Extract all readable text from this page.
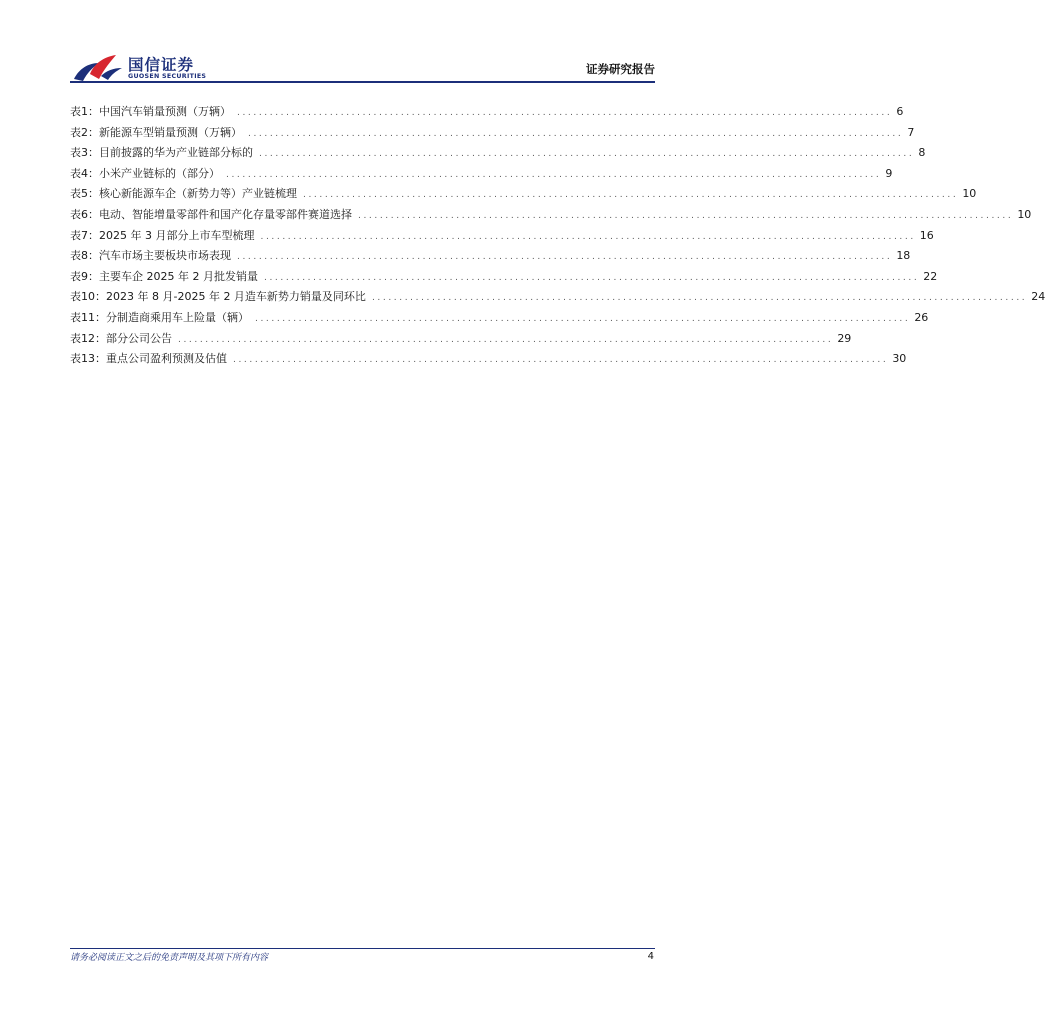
国信证券
GUOSEN SECURITIES
证券研究报告
表1： 中国汽车销量预测（万辆） ........................................................................................................................ 6
表2： 新能源车型销量预测（万辆） ........................................................................................................................ 7
表3： 目前披露的华为产业链部分标的 ........................................................................................................................ 8
表4： 小米产业链标的（部分） ........................................................................................................................ 9
表5： 核心新能源车企（新势力等）产业链梳理 ........................................................................................................................ 10
表6： 电动、智能增量零部件和国产化存量零部件赛道选择 ........................................................................................................................ 10
表7： 2025 年 3 月部分上市车型梳理 ........................................................................................................................ 16
表8： 汽车市场主要板块市场表现 ........................................................................................................................ 18
表9： 主要车企 2025 年 2 月批发销量 ........................................................................................................................ 22
表10： 2023 年 8 月-2025 年 2 月造车新势力销量及同环比 ........................................................................................................................ 24
表11： 分制造商乘用车上险量（辆） ........................................................................................................................ 26
表12： 部分公司公告 ........................................................................................................................ 29
表13： 重点公司盈利预测及估值 ........................................................................................................................ 30
请务必阅读正文之后的免责声明及其项下所有内容	4
